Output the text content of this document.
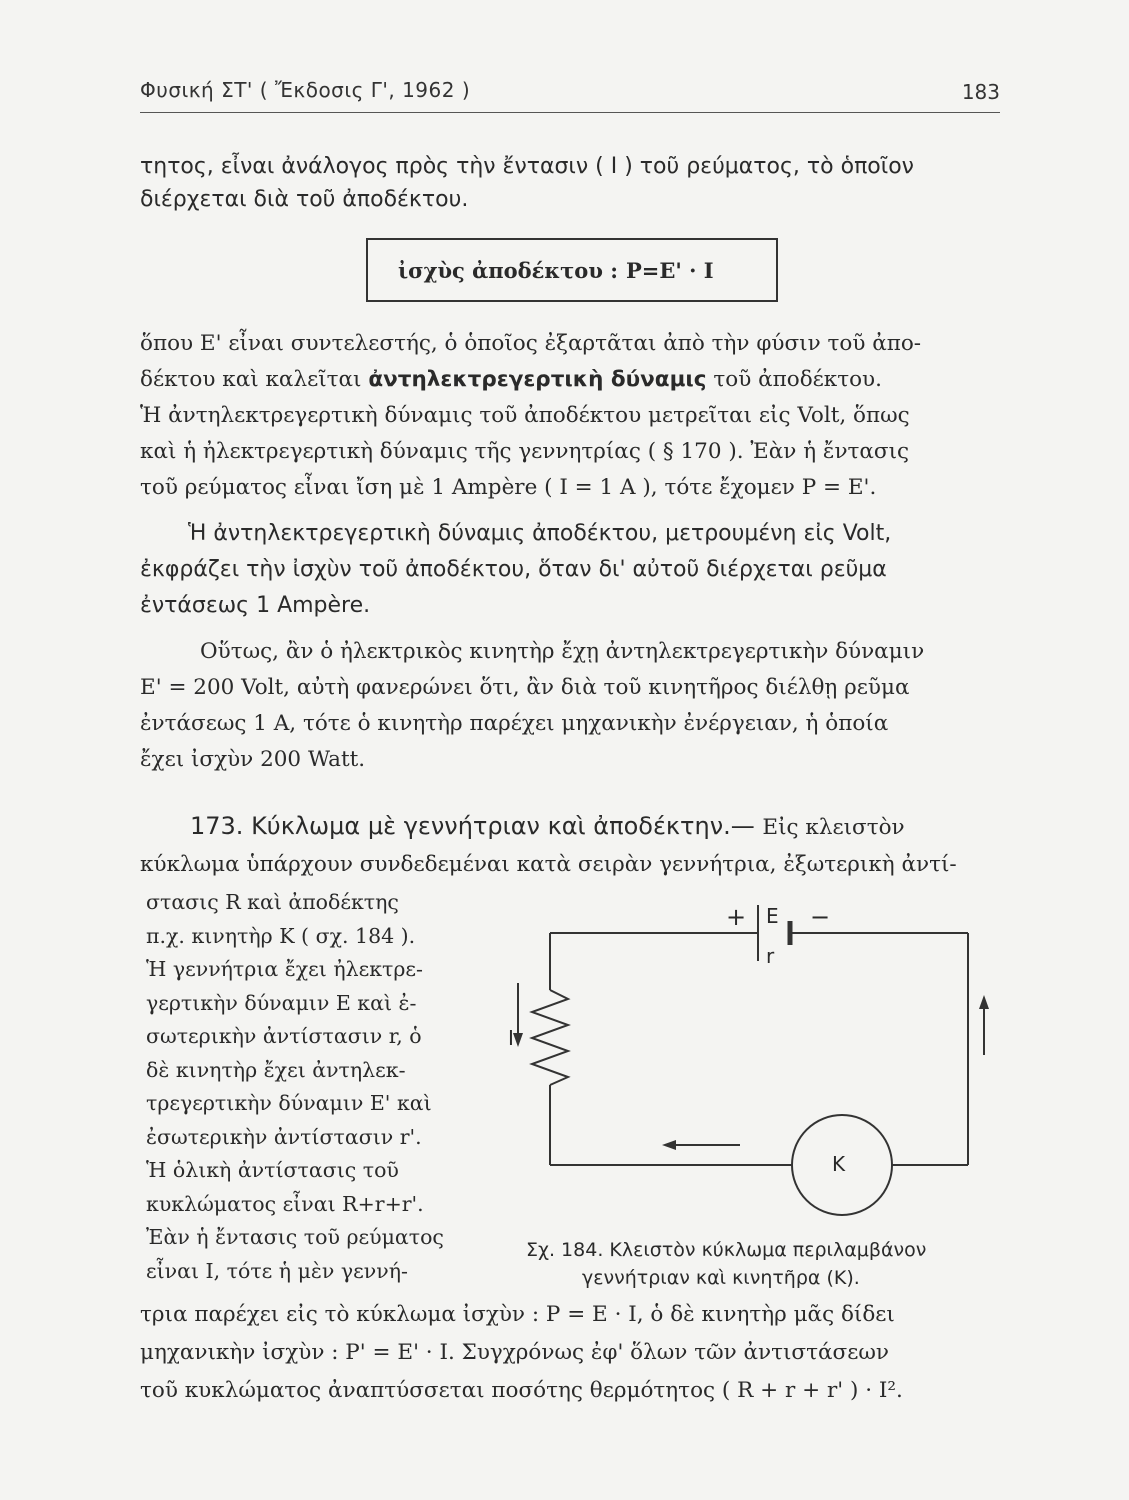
Φυσική ΣΤ' ( Ἔκδοσις Γ', 1962 )	183
τητος, εἶναι ἀνάλογος πρὸς τὴν ἔντασιν ( I ) τοῦ ρεύματος, τὸ ὁποῖον
διέρχεται διὰ τοῦ ἀποδέκτου.
ἰσχὺς ἀποδέκτου : P=E' · I
ὅπου E' εἶναι συντελεστής, ὁ ὁποῖος ἐξαρτᾶται ἀπὸ τὴν φύσιν τοῦ ἀπο-
δέκτου καὶ καλεῖται ἀντηλεκτρεγερτικὴ δύναμις τοῦ ἀποδέκτου.
Ἡ ἀντηλεκτρεγερτικὴ δύναμις τοῦ ἀποδέκτου μετρεῖται εἰς Volt, ὅπως
καὶ ἡ ἠλεκτρεγερτικὴ δύναμις τῆς γεννητρίας ( § 170 ). Ἐὰν ἡ ἔντασις
τοῦ ρεύματος εἶναι ἴση μὲ 1 Ampère ( I = 1 A ), τότε ἔχομεν P = E'.
Ἡ ἀντηλεκτρεγερτικὴ δύναμις ἀποδέκτου, μετρουμένη εἰς Volt,
ἐκφράζει τὴν ἰσχὺν τοῦ ἀποδέκτου, ὅταν δι' αὐτοῦ διέρχεται ρεῦμα
ἐντάσεως 1 Ampère.
Οὕτως, ἂν ὁ ἠλεκτρικὸς κινητὴρ ἔχῃ ἀντηλεκτρεγερτικὴν δύναμιν
E' = 200 Volt, αὐτὴ φανερώνει ὅτι, ἂν διὰ τοῦ κινητῆρος διέλθῃ ρεῦμα
ἐντάσεως 1 A, τότε ὁ κινητὴρ παρέχει μηχανικὴν ἐνέργειαν, ἡ ὁποία
ἔχει ἰσχὺν 200 Watt.
173. Κύκλωμα μὲ γεννήτριαν καὶ ἀποδέκτην.— Εἰς κλειστὸν
κύκλωμα ὑπάρχουν συνδεδεμέναι κατὰ σειρὰν γεννήτρια, ἐξωτερικὴ ἀντί-
στασις R καὶ ἀποδέκτης
π.χ. κινητὴρ K ( σχ. 184 ).
Ἡ γεννήτρια ἔχει ἠλεκτρε-
γερτικὴν δύναμιν E καὶ ἐ-
σωτερικὴν ἀντίστασιν r, ὁ
δὲ κινητὴρ ἔχει ἀντηλεκ-
τρεγερτικὴν δύναμιν E' καὶ
ἐσωτερικὴν ἀντίστασιν r'.
Ἡ ὁλικὴ ἀντίστασις τοῦ
κυκλώματος εἶναι R+r+r'.
Ἐὰν ἡ ἔντασις τοῦ ρεύματος
εἶναι I, τότε ἡ μὲν γεννή-
+ E −
r
I
K
Σχ. 184. Κλειστὸν κύκλωμα περιλαμβάνον
γεννήτριαν καὶ κινητῆρα (K).
τρια παρέχει εἰς τὸ κύκλωμα ἰσχὺν : P = E · I, ὁ δὲ κινητὴρ μᾶς δίδει
μηχανικὴν ἰσχὺν : P' = E' · I. Συγχρόνως ἐφ' ὅλων τῶν ἀντιστάσεων
τοῦ κυκλώματος ἀναπτύσσεται ποσότης θερμότητος ( R + r + r' ) · I².
